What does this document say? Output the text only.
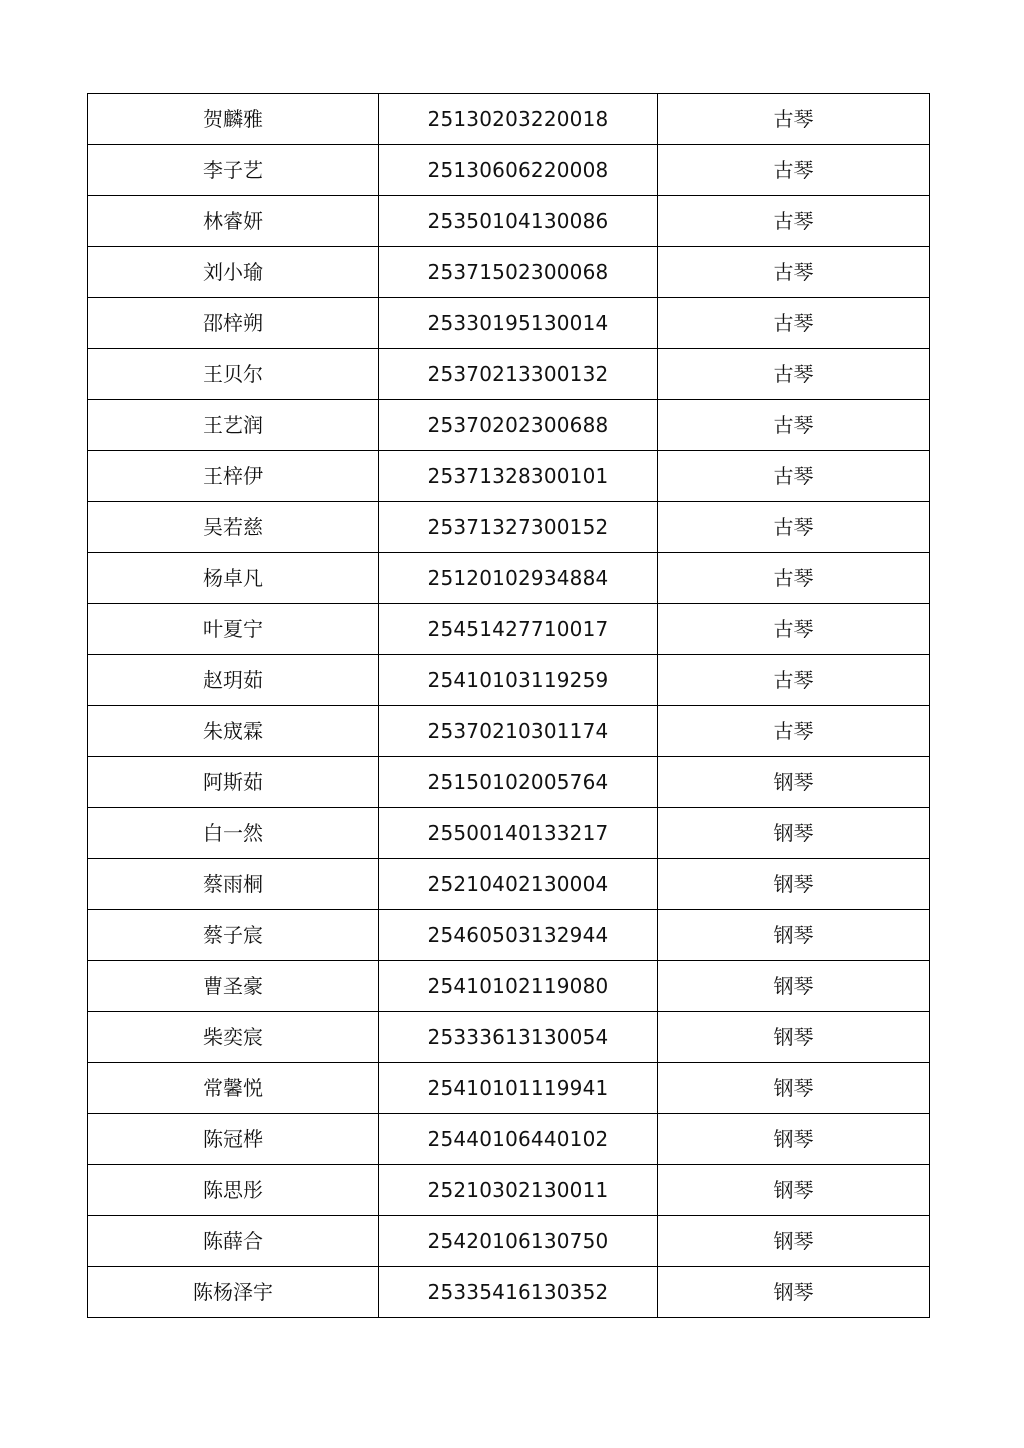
贺麟雅	25130203220018	古琴
李子艺	25130606220008	古琴
林睿妍	25350104130086	古琴
刘小瑜	25371502300068	古琴
邵梓朔	25330195130014	古琴
王贝尔	25370213300132	古琴
王艺润	25370202300688	古琴
王梓伊	25371328300101	古琴
吴若慈	25371327300152	古琴
杨卓凡	25120102934884	古琴
叶夏宁	25451427710017	古琴
赵玥茹	25410103119259	古琴
朱宬霖	25370210301174	古琴
阿斯茹	25150102005764	钢琴
白一然	25500140133217	钢琴
蔡雨桐	25210402130004	钢琴
蔡子宸	25460503132944	钢琴
曹圣豪	25410102119080	钢琴
柴奕宸	25333613130054	钢琴
常馨悦	25410101119941	钢琴
陈冠桦	25440106440102	钢琴
陈思彤	25210302130011	钢琴
陈薛合	25420106130750	钢琴
陈杨泽宇	25335416130352	钢琴
